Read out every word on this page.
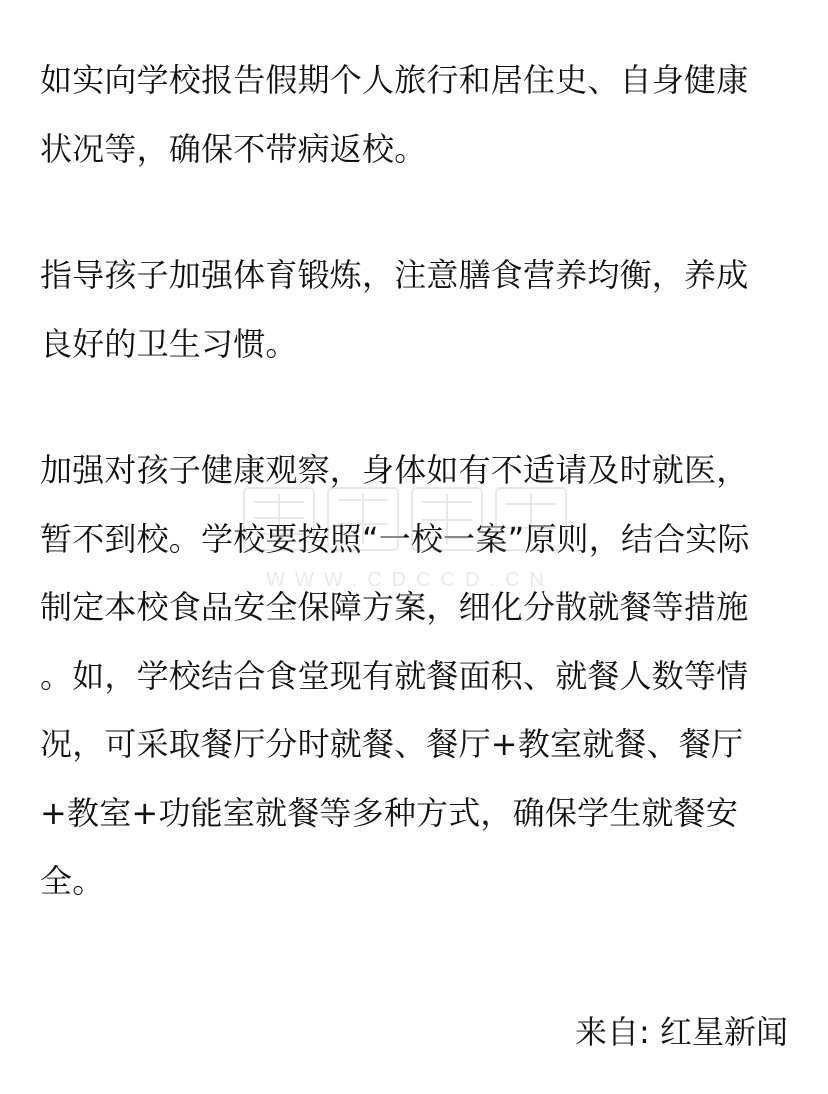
如实向学校报告假期个人旅行和居住史、自身健康
状况等，确保不带病返校。
指导孩子加强体育锻炼，注意膳食营养均衡，养成
良好的卫生习惯。
加强对孩子健康观察，身体如有不适请及时就医，
暂不到校。学校要按照“一校一案”原则，结合实际
制定本校食品安全保障方案，细化分散就餐等措施
。如，学校结合食堂现有就餐面积、就餐人数等情
况，可采取餐厅分时就餐、餐厅+教室就餐、餐厅
+教室+功能室就餐等多种方式，确保学生就餐安
全。
来自: 红星新闻
WWW.CDCCD.CN
